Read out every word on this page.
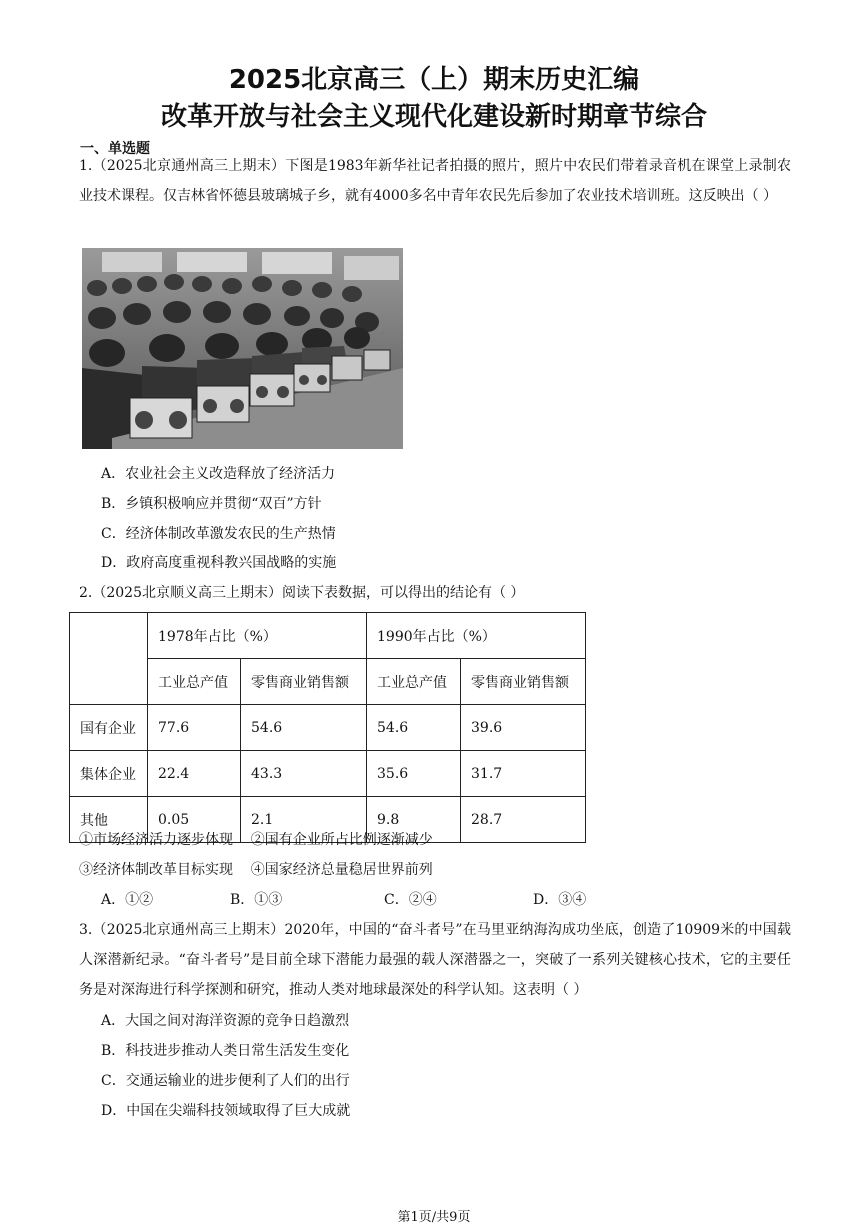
2025北京高三（上）期末历史汇编
改革开放与社会主义现代化建设新时期章节综合
一、单选题
1.（2025北京通州高三上期末）下图是1983年新华社记者拍摄的照片，照片中农民们带着录音机在课堂上录制农业技术课程。仅吉林省怀德县玻璃城子乡，就有4000多名中青年农民先后参加了农业技术培训班。这反映出（ ）
A．农业社会主义改造释放了经济活力
B．乡镇积极响应并贯彻“双百”方针
C．经济体制改革激发农民的生产热情
D．政府高度重视科教兴国战略的实施
2.（2025北京顺义高三上期末）阅读下表数据，可以得出的结论有（ ）
	1978年占比（%）		1990年占比（%）	
	工业总产值	零售商业销售额	工业总产值	零售商业销售额
国有企业	77.6	54.6	54.6	39.6
集体企业	22.4	43.3	35.6	31.7
其他	0.05	2.1	9.8	28.7
①市场经济活力逐步体现    ②国有企业所占比例逐渐减少
③经济体制改革目标实现    ④国家经济总量稳居世界前列
A．①②	B．①③	C．②④	D．③④
3.（2025北京通州高三上期末）2020年，中国的“奋斗者号”在马里亚纳海沟成功坐底，创造了10909米的中国载人深潜新纪录。“奋斗者号”是目前全球下潜能力最强的载人深潜器之一，突破了一系列关键核心技术，它的主要任务是对深海进行科学探测和研究，推动人类对地球最深处的科学认知。这表明（ ）
A．大国之间对海洋资源的竞争日趋激烈
B．科技进步推动人类日常生活发生变化
C．交通运输业的进步便利了人们的出行
D．中国在尖端科技领域取得了巨大成就
第1页/共9页
